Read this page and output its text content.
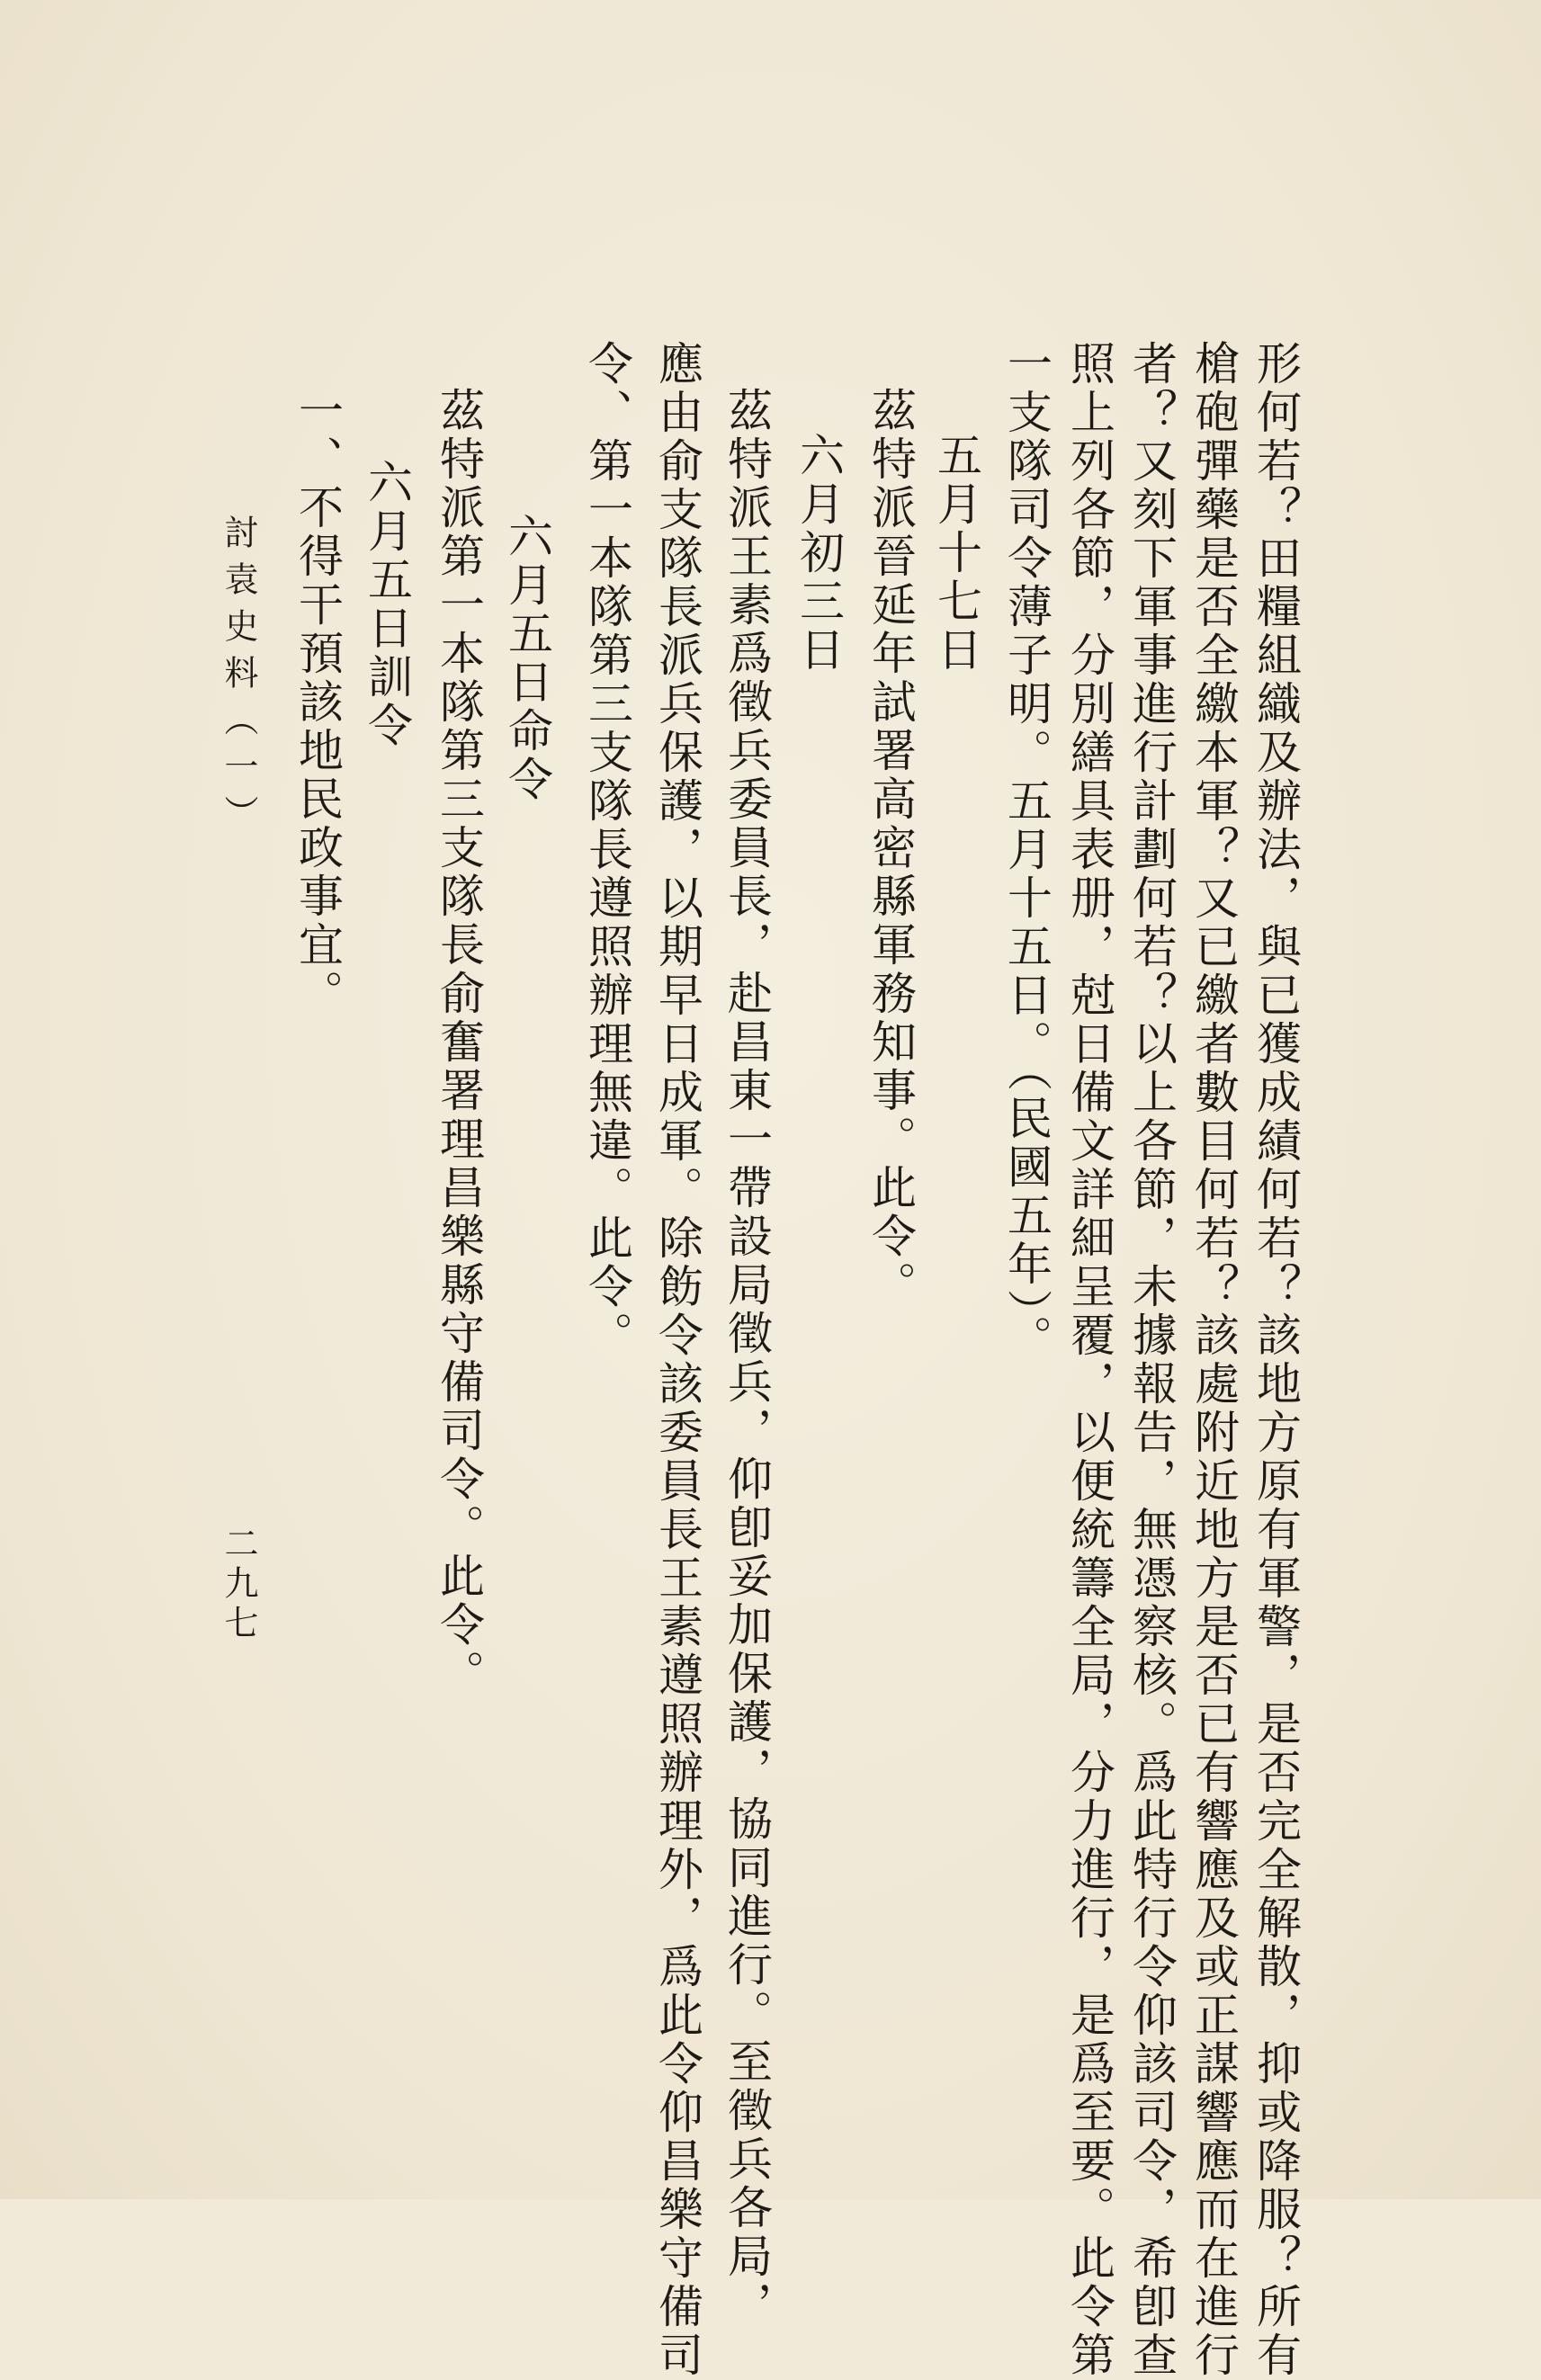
形何若？田糧組織及辦法，與已獲成績何若？該地方原有軍警，是否完全解散，抑或降服？所有
槍砲彈藥是否全繳本軍？又已繳者數目何若？該處附近地方是否已有響應及或正謀響應而在進行
者？又刻下軍事進行計劃何若？以上各節，未據報告，無憑察核。爲此特行令仰該司令，希卽查
照上列各節，分別繕具表册，尅日備文詳細呈覆，以便統籌全局，分力進行，是爲至要。此令第
一支隊司令薄子明。五月十五日。（民國五年）。
五月十七日
茲特派晉延年試署高密縣軍務知事。此令。
六月初三日
茲特派王素爲徵兵委員長，赴昌東一帶設局徵兵，仰卽妥加保護，協同進行。至徵兵各局，
應由俞支隊長派兵保護，以期早日成軍。除飭令該委員長王素遵照辦理外，爲此令仰昌樂守備司
令、第一本隊第三支隊長遵照辦理無違。此令。
六月五日命令
茲特派第一本隊第三支隊長俞奮署理昌樂縣守備司令。此令。
六月五日訓令
一、不得干預該地民政事宜。
討袁史料（一）
二九七
